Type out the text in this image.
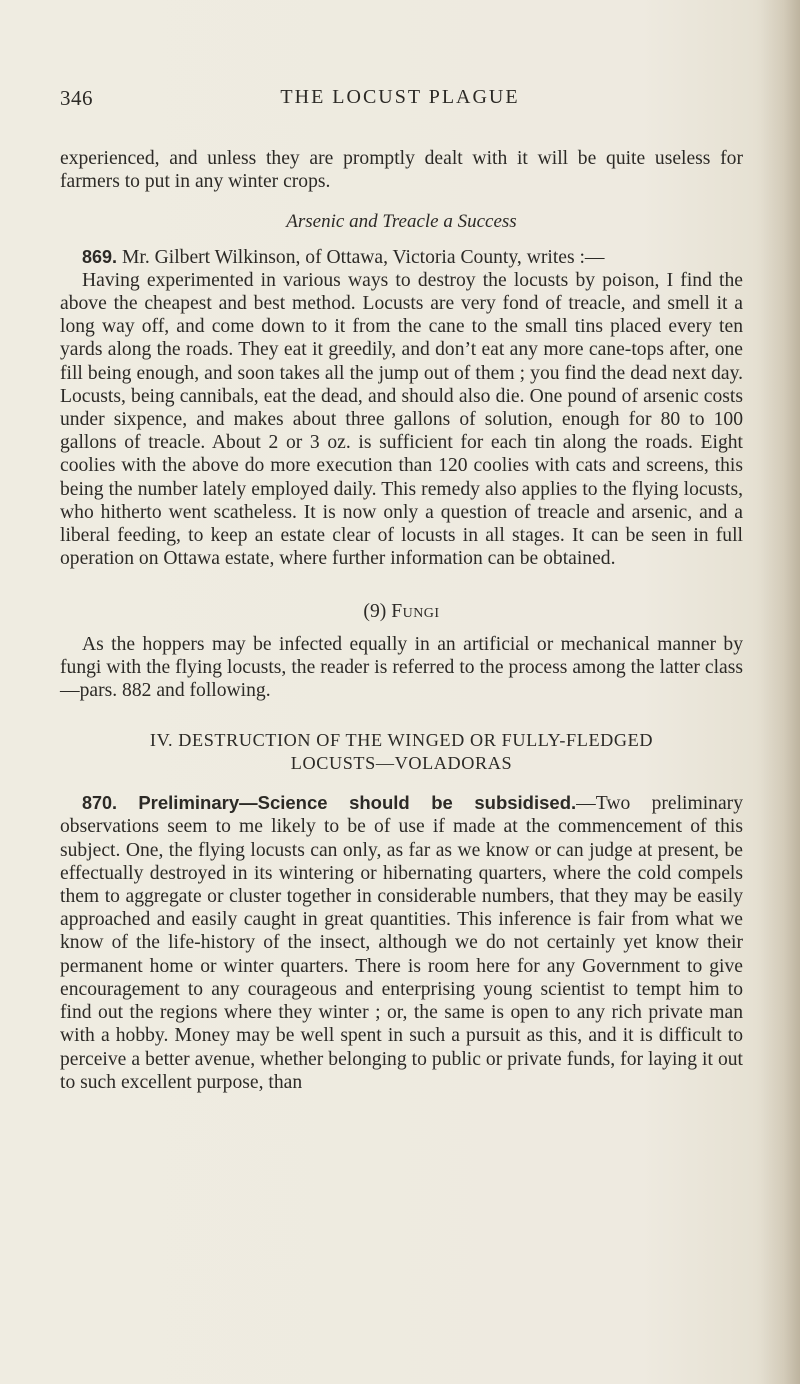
346	THE LOCUST PLAGUE

experienced, and unless they are promptly dealt with it will be quite useless for farmers to put in any winter crops.

Arsenic and Treacle a Success

869. Mr. Gilbert Wilkinson, of Ottawa, Victoria County, writes :—

Having experimented in various ways to destroy the locusts by poison, I find the above the cheapest and best method. Locusts are very fond of treacle, and smell it a long way off, and come down to it from the cane to the small tins placed every ten yards along the roads. They eat it greedily, and don’t eat any more cane-tops after, one fill being enough, and soon takes all the jump out of them ; you find the dead next day. Locusts, being cannibals, eat the dead, and should also die. One pound of arsenic costs under sixpence, and makes about three gallons of solution, enough for 80 to 100 gallons of treacle. About 2 or 3 oz. is sufficient for each tin along the roads. Eight coolies with the above do more execution than 120 coolies with cats and screens, this being the number lately employed daily. This remedy also applies to the flying locusts, who hitherto went scatheless. It is now only a question of treacle and arsenic, and a liberal feeding, to keep an estate clear of locusts in all stages. It can be seen in full operation on Ottawa estate, where further information can be obtained.

(9) Fungi

As the hoppers may be infected equally in an artificial or mechanical manner by fungi with the flying locusts, the reader is referred to the process among the latter class—pars. 882 and following.

IV. DESTRUCTION OF THE WINGED OR FULLY-FLEDGED
LOCUSTS—VOLADORAS

870. Preliminary—Science should be subsidised.—Two preliminary observations seem to me likely to be of use if made at the commencement of this subject. One, the flying locusts can only, as far as we know or can judge at present, be effectually destroyed in its wintering or hibernating quarters, where the cold compels them to aggregate or cluster together in considerable numbers, that they may be easily approached and easily caught in great quantities. This inference is fair from what we know of the life-history of the insect, although we do not certainly yet know their permanent home or winter quarters. There is room here for any Government to give encouragement to any courageous and enterprising young scientist to tempt him to find out the regions where they winter ; or, the same is open to any rich private man with a hobby. Money may be well spent in such a pursuit as this, and it is difficult to perceive a better avenue, whether belonging to public or private funds, for laying it out to such excellent purpose, than
